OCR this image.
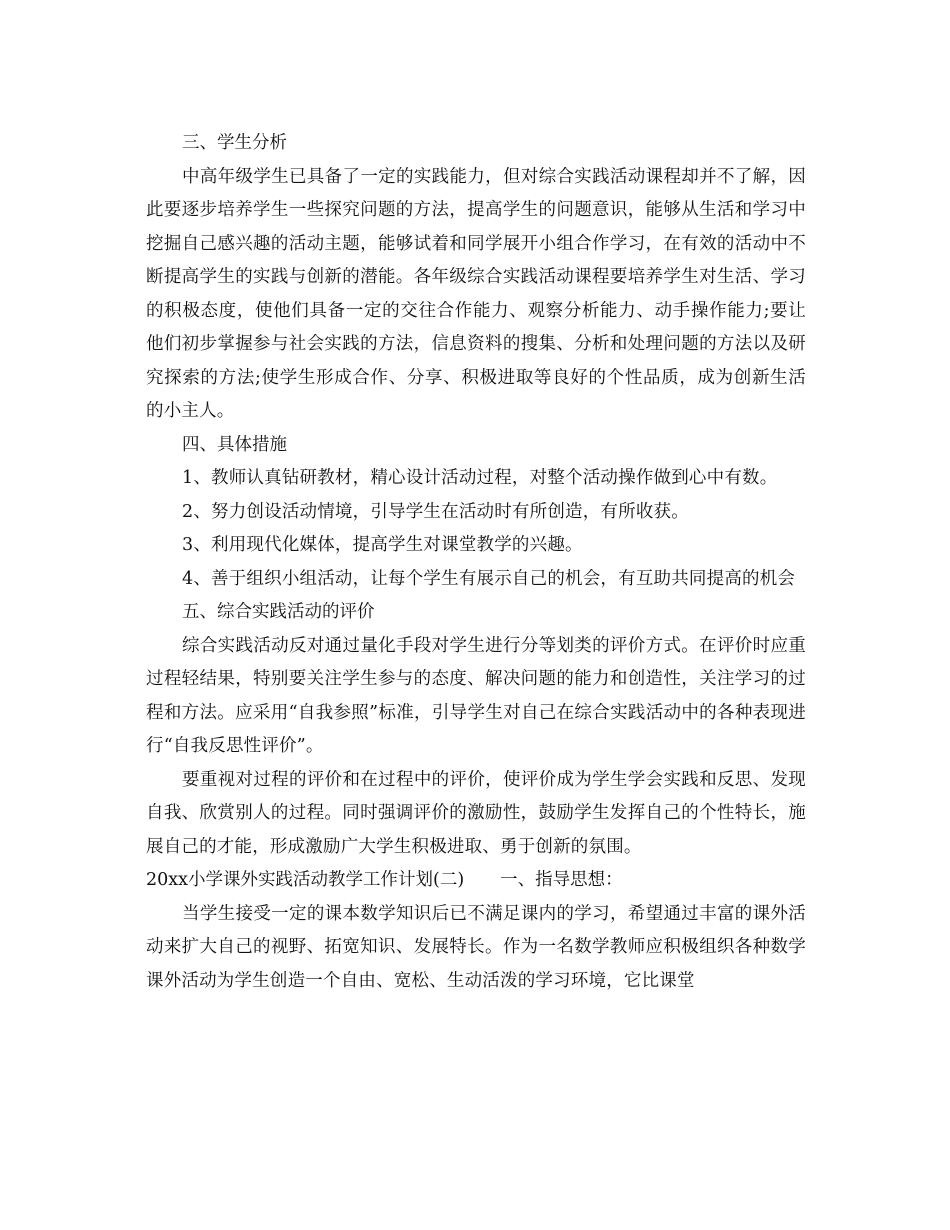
三、学生分析

中高年级学生已具备了一定的实践能力，但对综合实践活动课程却并不了解，因此要逐步培养学生一些探究问题的方法，提高学生的问题意识，能够从生活和学习中挖掘自己感兴趣的活动主题，能够试着和同学展开小组合作学习，在有效的活动中不断提高学生的实践与创新的潜能。各年级综合实践活动课程要培养学生对生活、学习的积极态度，使他们具备一定的交往合作能力、观察分析能力、动手操作能力;要让他们初步掌握参与社会实践的方法，信息资料的搜集、分析和处理问题的方法以及研究探索的方法;使学生形成合作、分享、积极进取等良好的个性品质，成为创新生活的小主人。

四、具体措施

1、教师认真钻研教材，精心设计活动过程，对整个活动操作做到心中有数。

2、努力创设活动情境，引导学生在活动时有所创造，有所收获。

3、利用现代化媒体，提高学生对课堂教学的兴趣。

4、善于组织小组活动，让每个学生有展示自己的机会，有互助共同提高的机会

五、综合实践活动的评价

综合实践活动反对通过量化手段对学生进行分等划类的评价方式。在评价时应重过程轻结果，特别要关注学生参与的态度、解决问题的能力和创造性，关注学习的过程和方法。应采用“自我参照”标准，引导学生对自己在综合实践活动中的各种表现进行“自我反思性评价”。

要重视对过程的评价和在过程中的评价，使评价成为学生学会实践和反思、发现自我、欣赏别人的过程。同时强调评价的激励性，鼓励学生发挥自己的个性特长，施展自己的才能，形成激励广大学生积极进取、勇于创新的氛围。

20xx小学课外实践活动教学工作计划(二) 一、指导思想：

当学生接受一定的课本数学知识后已不满足课内的学习，希望通过丰富的课外活动来扩大自己的视野、拓宽知识、发展特长。作为一名数学教师应积极组织各种数学课外活动为学生创造一个自由、宽松、生动活泼的学习环境，它比课堂
